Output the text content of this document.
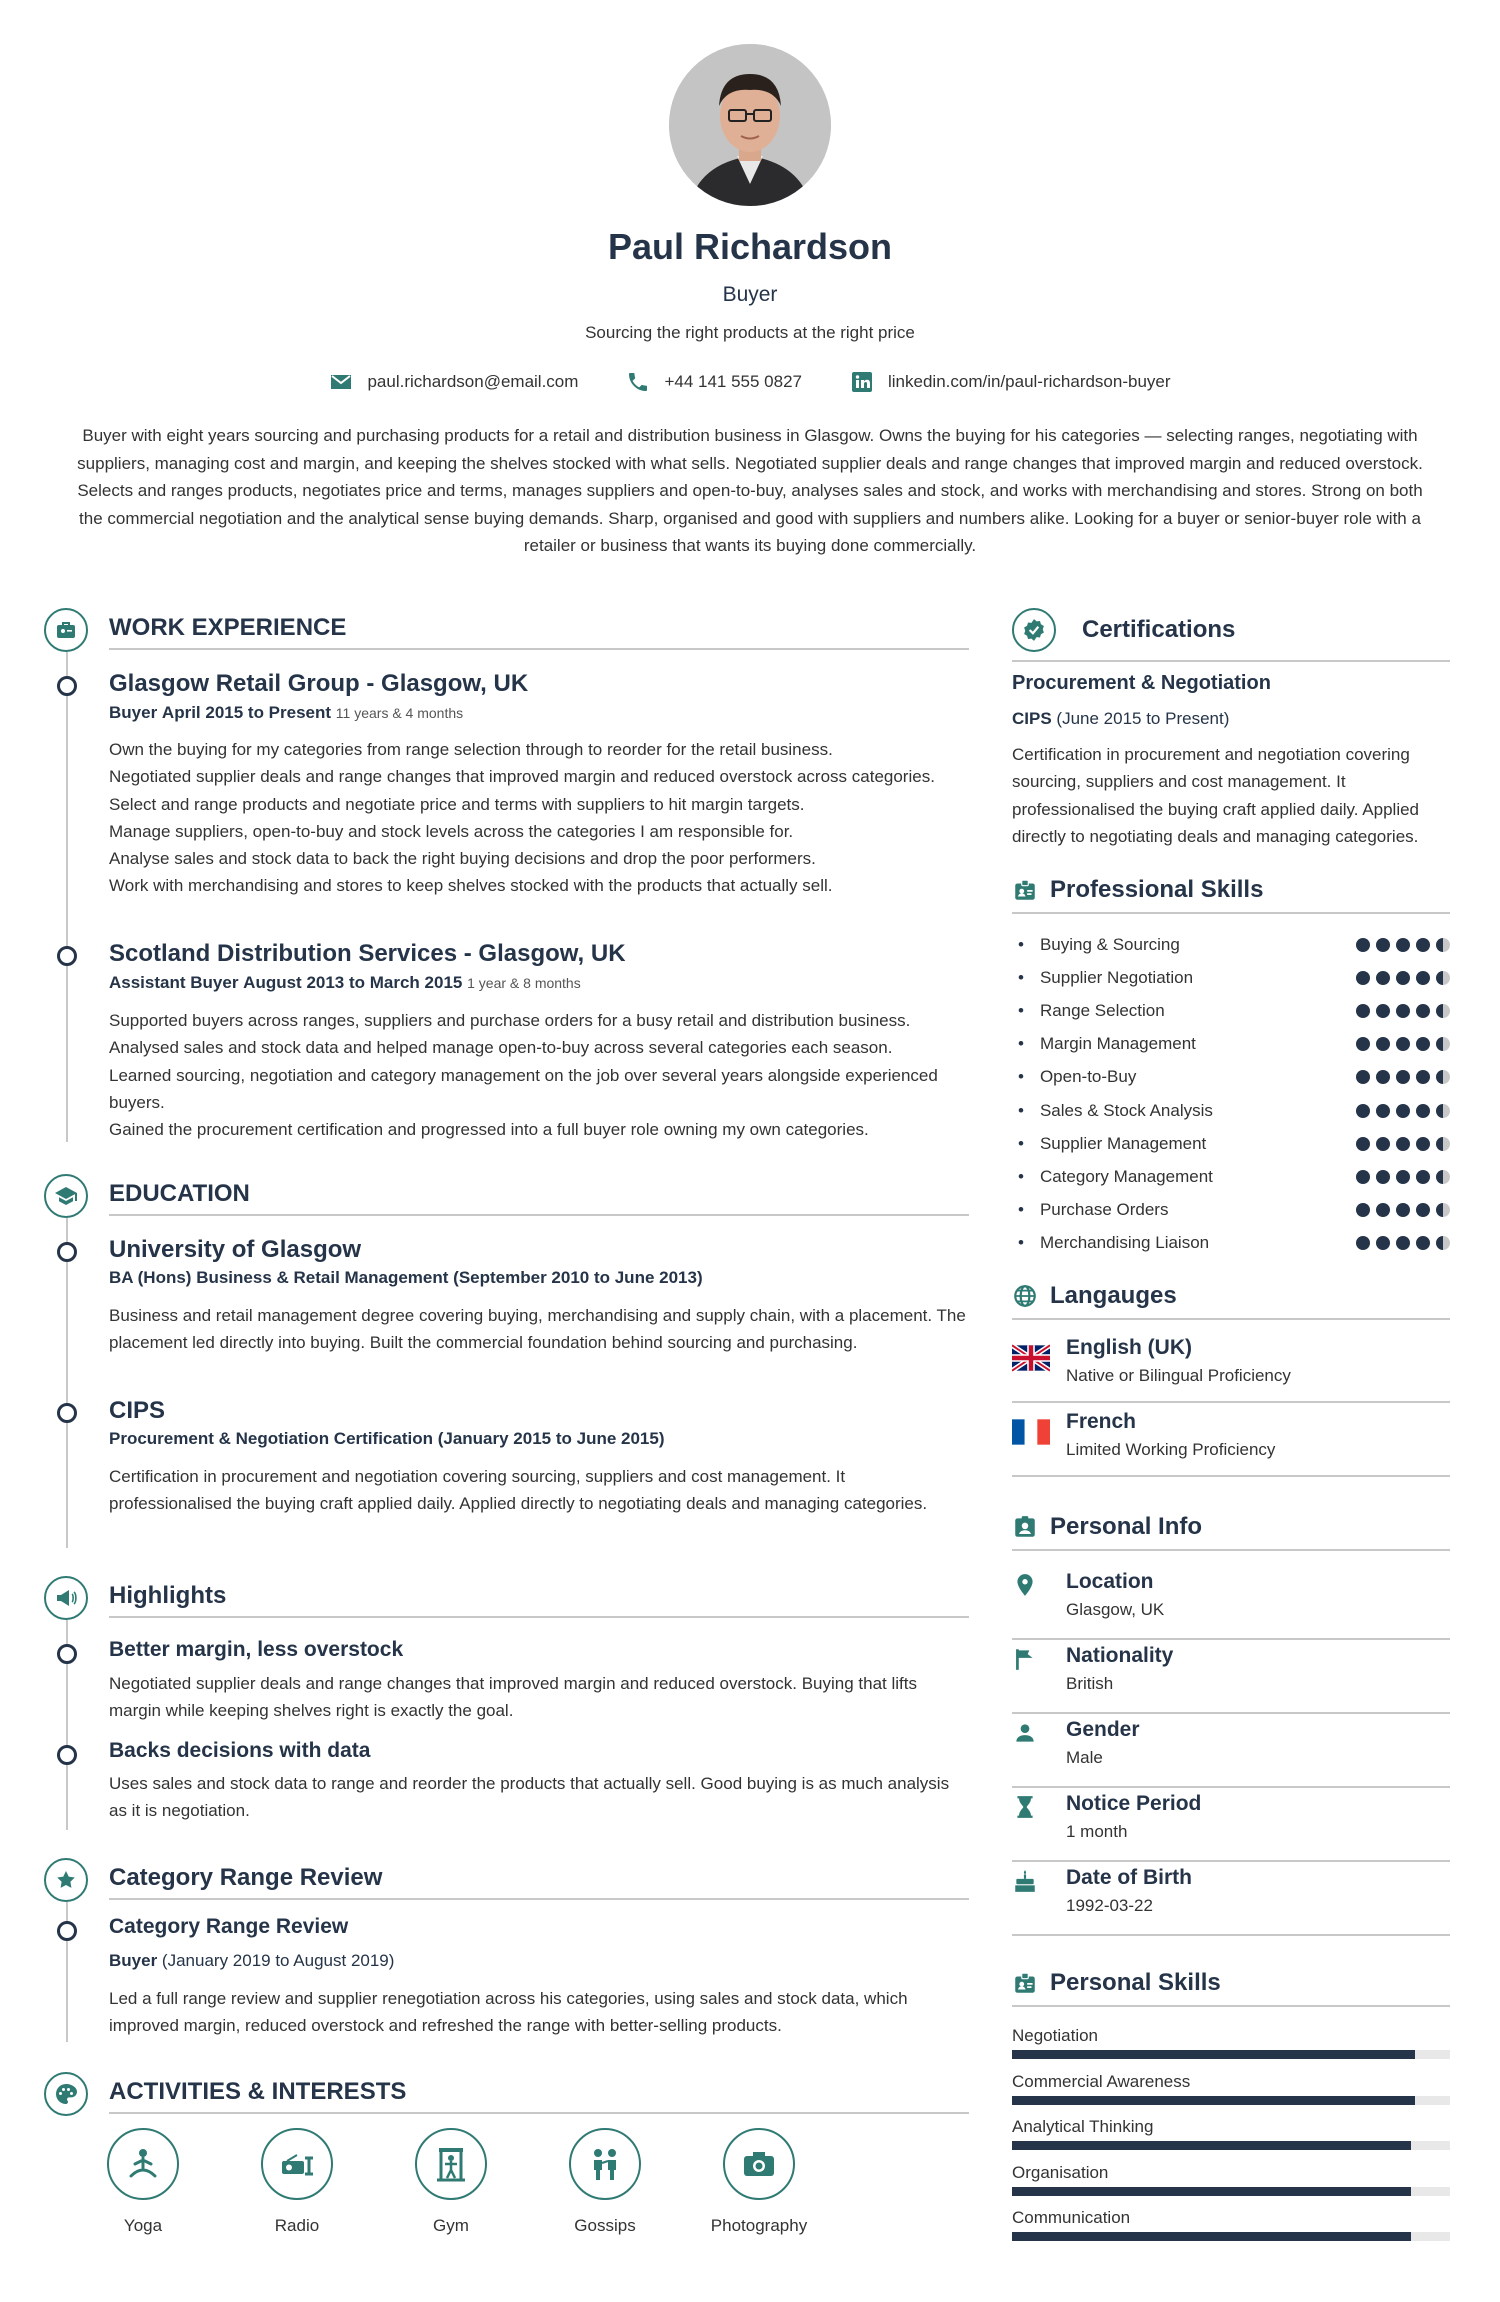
Paul Richardson
Buyer
Sourcing the right products at the right price
paul.richardson@email.com	+44 141 555 0827	linkedin.com/in/paul-richardson-buyer
Buyer with eight years sourcing and purchasing products for a retail and distribution business in Glasgow. Owns the buying for his categories — selecting ranges, negotiating with suppliers, managing cost and margin, and keeping the shelves stocked with what sells. Negotiated supplier deals and range changes that improved margin and reduced overstock. Selects and ranges products, negotiates price and terms, manages suppliers and open-to-buy, analyses sales and stock, and works with merchandising and stores. Strong on both the commercial negotiation and the analytical sense buying demands. Sharp, organised and good with suppliers and numbers alike. Looking for a buyer or senior-buyer role with a retailer or business that wants its buying done commercially.
WORK EXPERIENCE
Glasgow Retail Group - Glasgow, UK
Buyer April 2015 to Present 11 years & 4 months
Own the buying for my categories from range selection through to reorder for the retail business.
Negotiated supplier deals and range changes that improved margin and reduced overstock across categories.
Select and range products and negotiate price and terms with suppliers to hit margin targets.
Manage suppliers, open-to-buy and stock levels across the categories I am responsible for.
Analyse sales and stock data to back the right buying decisions and drop the poor performers.
Work with merchandising and stores to keep shelves stocked with the products that actually sell.
Scotland Distribution Services - Glasgow, UK
Assistant Buyer August 2013 to March 2015 1 year & 8 months
Supported buyers across ranges, suppliers and purchase orders for a busy retail and distribution business.
Analysed sales and stock data and helped manage open-to-buy across several categories each season.
Learned sourcing, negotiation and category management on the job over several years alongside experienced buyers.
Gained the procurement certification and progressed into a full buyer role owning my own categories.
EDUCATION
University of Glasgow
BA (Hons) Business & Retail Management (September 2010 to June 2013)
Business and retail management degree covering buying, merchandising and supply chain, with a placement. The placement led directly into buying. Built the commercial foundation behind sourcing and purchasing.
CIPS
Procurement & Negotiation Certification (January 2015 to June 2015)
Certification in procurement and negotiation covering sourcing, suppliers and cost management. It professionalised the buying craft applied daily. Applied directly to negotiating deals and managing categories.
Highlights
Better margin, less overstock
Negotiated supplier deals and range changes that improved margin and reduced overstock. Buying that lifts margin while keeping shelves right is exactly the goal.
Backs decisions with data
Uses sales and stock data to range and reorder the products that actually sell. Good buying is as much analysis as it is negotiation.
Category Range Review
Category Range Review
Buyer (January 2019 to August 2019)
Led a full range review and supplier renegotiation across his categories, using sales and stock data, which improved margin, reduced overstock and refreshed the range with better-selling products.
ACTIVITIES & INTERESTS
Yoga	Radio	Gym	Gossips	Photography
Certifications
Procurement & Negotiation
CIPS (June 2015 to Present)
Certification in procurement and negotiation covering sourcing, suppliers and cost management. It professionalised the buying craft applied daily. Applied directly to negotiating deals and managing categories.
Professional Skills
• Buying & Sourcing
• Supplier Negotiation
• Range Selection
• Margin Management
• Open-to-Buy
• Sales & Stock Analysis
• Supplier Management
• Category Management
• Purchase Orders
• Merchandising Liaison
Langauges
English (UK)
Native or Bilingual Proficiency
French
Limited Working Proficiency
Personal Info
Location
Glasgow, UK
Nationality
British
Gender
Male
Notice Period
1 month
Date of Birth
1992-03-22
Personal Skills
Negotiation
Commercial Awareness
Analytical Thinking
Organisation
Communication
